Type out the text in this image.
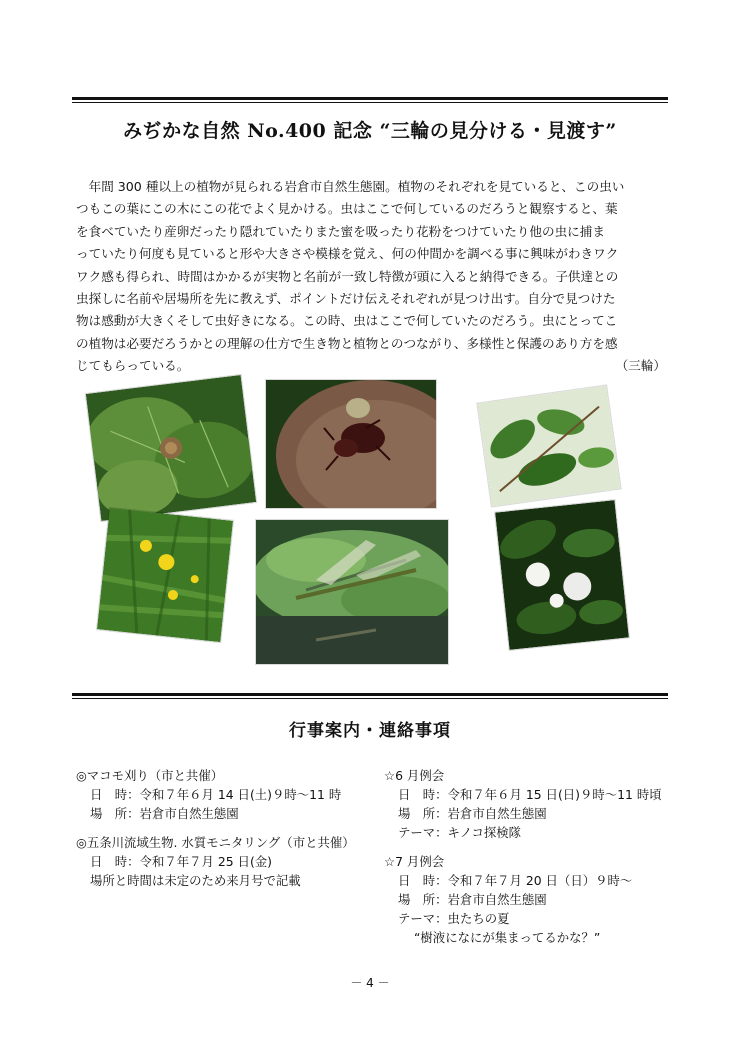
みぢかな自然 No.400 記念 “三輪の見分ける・見渡す”
　年間 300 種以上の植物が見られる岩倉市自然生態園。植物のそれぞれを見ていると、この虫い
つもこの葉にこの木にこの花でよく見かける。虫はここで何しているのだろうと観察すると、葉
を食べていたり産卵だったり隠れていたりまた蜜を吸ったり花粉をつけていたり他の虫に捕ま
っていたり何度も見ていると形や大きさや模様を覚え、何の仲間かを調べる事に興味がわきワク
ワク感も得られ、時間はかかるが実物と名前が一致し特徴が頭に入ると納得できる。子供達との
虫探しに名前や居場所を先に教えず、ポイントだけ伝えそれぞれが見つけ出す。自分で見つけた
物は感動が大きくそして虫好きになる。この時、虫はここで何していたのだろう。虫にとってこ
の植物は必要だろうかとの理解の仕方で生き物と植物とのつながり、多様性と保護のあり方を感
じてもらっている。	（三輪）
行事案内・連絡事項
◎マコモ刈り（市と共催）
日　時：令和７年６月 14 日(土)９時～11 時
場　所：岩倉市自然生態園
◎五条川流域生物. 水質モニタリング（市と共催）
日　時：令和７年７月 25 日(金)
場所と時間は未定のため来月号で記載
☆6 月例会
日　時：令和７年６月 15 日(日)９時～11 時頃
場　所：岩倉市自然生態園
テーマ：キノコ探検隊
☆7 月例会
日　時：令和７年７月 20 日（日）９時～
場　所：岩倉市自然生態園
テーマ：虫たちの夏
“樹液になにが集まってるかな？”
－ 4 －
